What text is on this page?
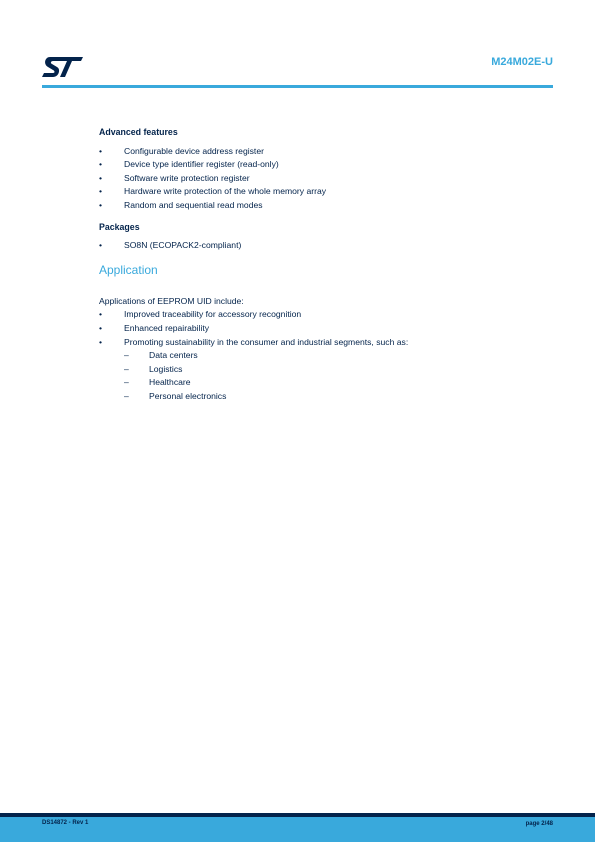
M24M02E-U
Advanced features
• Configurable device address register
• Device type identifier register (read-only)
• Software write protection register
• Hardware write protection of the whole memory array
• Random and sequential read modes
Packages
• SO8N (ECOPACK2-compliant)
Application

Applications of EEPROM UID include:

• Improved traceability for accessory recognition
• Enhanced repairability
• Promoting sustainability in the consumer and industrial segments, such as:
– Data centers
– Logistics
– Healthcare
– Personal electronics
DS14872 - Rev 1	page 2/48
